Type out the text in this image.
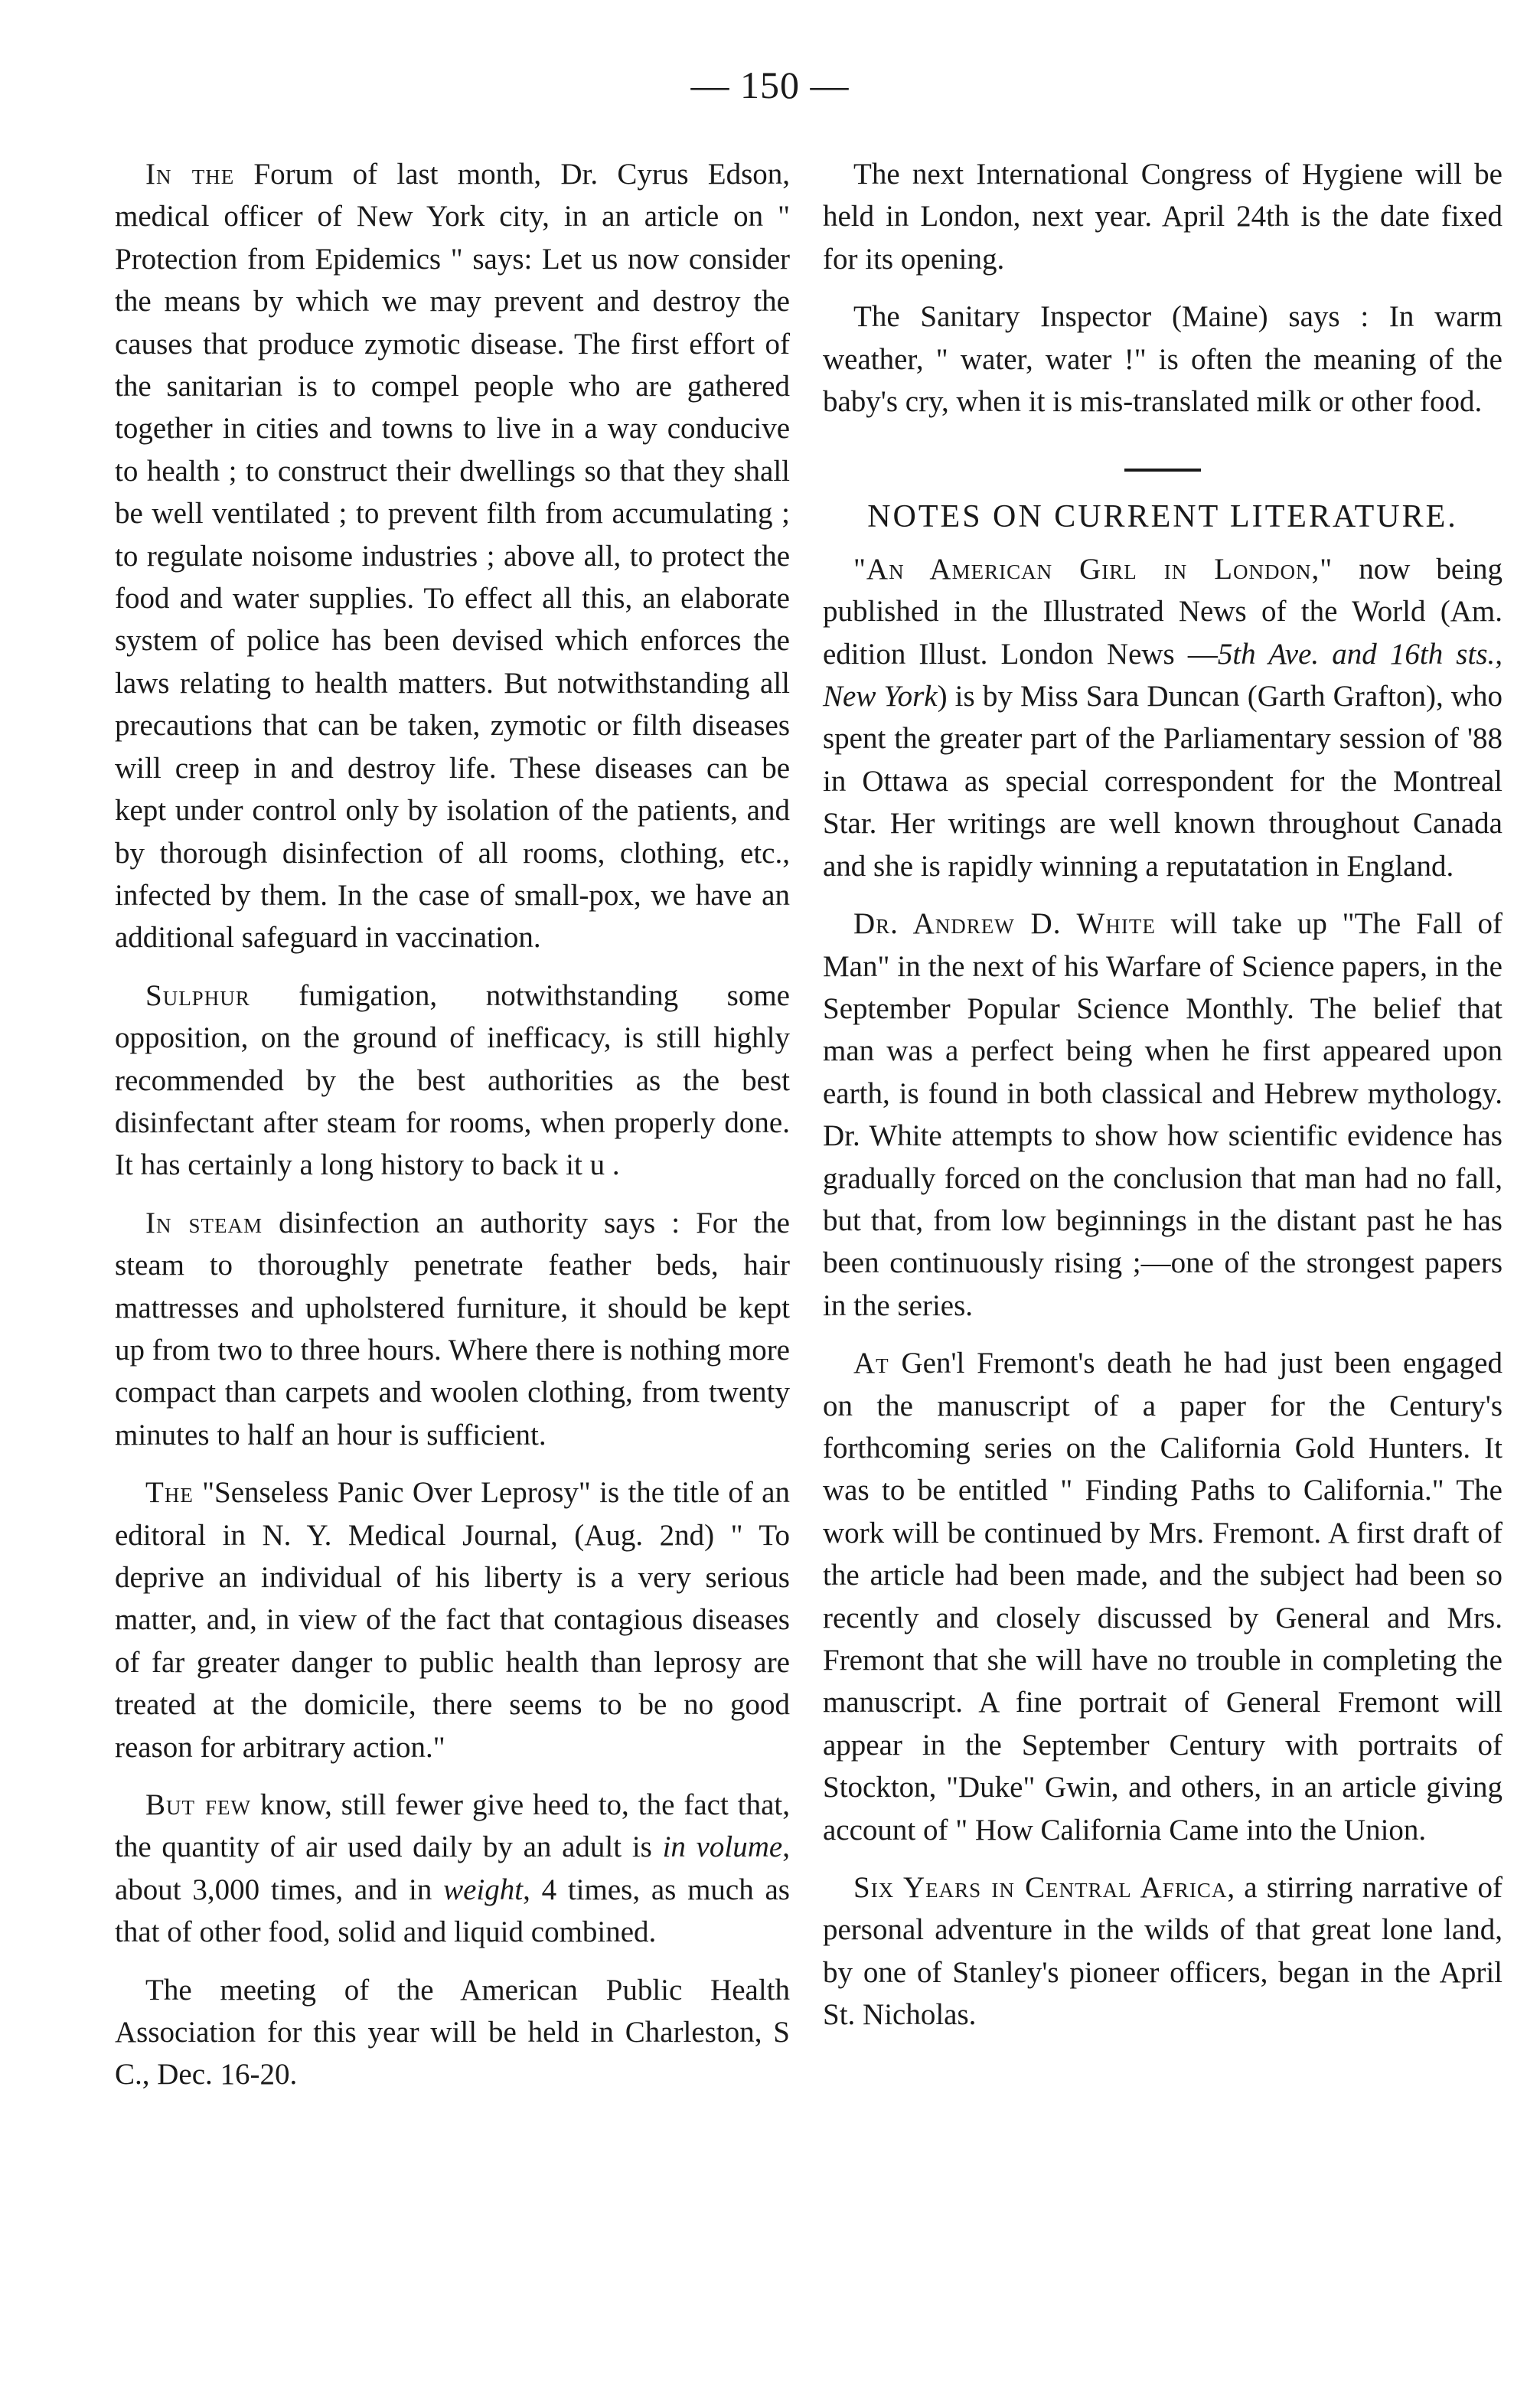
— 150 —

In the Forum of last month, Dr. Cyrus Edson, medical officer of New York city, in an article on " Protection from Epidemics " says: Let us now consider the means by which we may prevent and destroy the causes that produce zymotic disease. The first effort of the sanitarian is to compel people who are gathered together in cities and towns to live in a way conducive to health ; to construct their dwellings so that they shall be well ventilated ; to prevent filth from accumulating ; to regulate noisome industries ; above all, to protect the food and water supplies. To effect all this, an elaborate system of police has been devised which enforces the laws relating to health matters. But notwithstanding all precautions that can be taken, zymotic or filth diseases will creep in and destroy life. These diseases can be kept under control only by isolation of the patients, and by thorough disinfection of all rooms, clothing, etc., infected by them. In the case of small-pox, we have an additional safeguard in vaccination.

Sulphur fumigation, notwithstanding some opposition, on the ground of inefficacy, is still highly recommended by the best authorities as the best disinfectant after steam for rooms, when properly done. It has certainly a long history to back it u .

In steam disinfection an authority says : For the steam to thoroughly penetrate feather beds, hair mattresses and upholstered furniture, it should be kept up from two to three hours. Where there is nothing more compact than carpets and woolen clothing, from twenty minutes to half an hour is sufficient.

The "Senseless Panic Over Leprosy" is the title of an editoral in N. Y. Medical Journal, (Aug. 2nd) " To deprive an individual of his liberty is a very serious matter, and, in view of the fact that contagious diseases of far greater danger to public health than leprosy are treated at the domicile, there seems to be no good reason for arbitrary action."

But few know, still fewer give heed to, the fact that, the quantity of air used daily by an adult is in volume, about 3,000 times, and in weight, 4 times, as much as that of other food, solid and liquid combined.

The meeting of the American Public Health Association for this year will be held in Charleston, S C., Dec. 16-20.

The next International Congress of Hygiene will be held in London, next year. April 24th is the date fixed for its opening.

The Sanitary Inspector (Maine) says : In warm weather, " water, water !" is often the meaning of the baby's cry, when it is mis-translated milk or other food.

NOTES ON CURRENT LITERATURE.

"An American Girl in London," now being published in the Illustrated News of the World (Am. edition Illust. London News —5th Ave. and 16th sts., New York) is by Miss Sara Duncan (Garth Grafton), who spent the greater part of the Parliamentary session of '88 in Ottawa as special correspondent for the Montreal Star. Her writings are well known throughout Canada and she is rapidly winning a reputatation in England.

Dr. Andrew D. White will take up "The Fall of Man" in the next of his Warfare of Science papers, in the September Popular Science Monthly. The belief that man was a perfect being when he first appeared upon earth, is found in both classical and Hebrew mythology. Dr. White attempts to show how scientific evidence has gradually forced on the conclusion that man had no fall, but that, from low beginnings in the distant past he has been continuously rising ;—one of the strongest papers in the series.

At Gen'l Fremont's death he had just been engaged on the manuscript of a paper for the Century's forthcoming series on the California Gold Hunters. It was to be entitled " Finding Paths to California." The work will be continued by Mrs. Fremont. A first draft of the article had been made, and the subject had been so recently and closely discussed by General and Mrs. Fremont that she will have no trouble in completing the manuscript. A fine portrait of General Fremont will appear in the September Century with portraits of Stockton, "Duke" Gwin, and others, in an article giving account of " How California Came into the Union.

Six Years in Central Africa, a stirring narrative of personal adventure in the wilds of that great lone land, by one of Stanley's pioneer officers, began in the April St. Nicholas.
